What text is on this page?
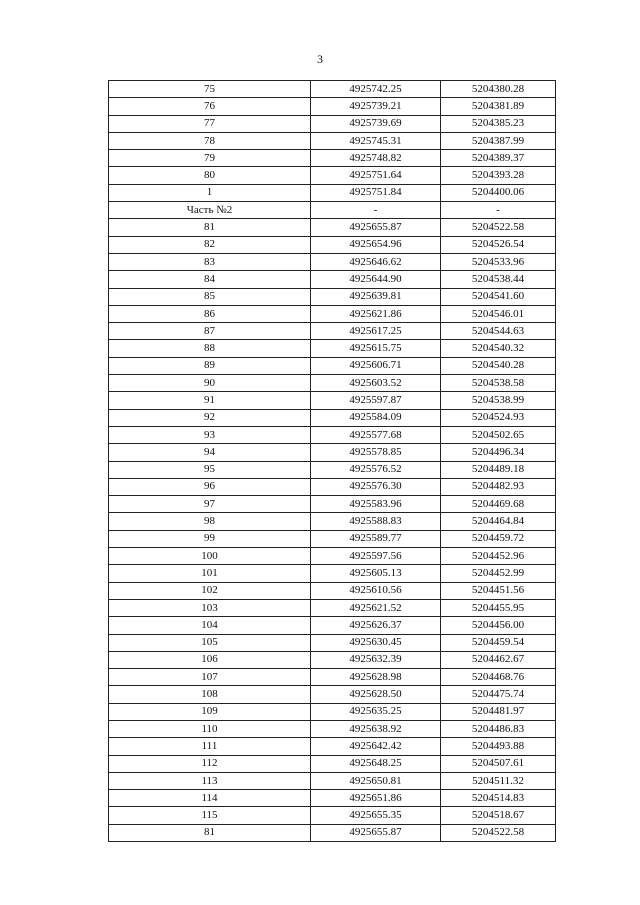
3
75	4925742.25	5204380.28
76	4925739.21	5204381.89
77	4925739.69	5204385.23
78	4925745.31	5204387.99
79	4925748.82	5204389.37
80	4925751.64	5204393.28
1	4925751.84	5204400.06
Часть №2	-	-
81	4925655.87	5204522.58
82	4925654.96	5204526.54
83	4925646.62	5204533.96
84	4925644.90	5204538.44
85	4925639.81	5204541.60
86	4925621.86	5204546.01
87	4925617.25	5204544.63
88	4925615.75	5204540.32
89	4925606.71	5204540.28
90	4925603.52	5204538.58
91	4925597.87	5204538.99
92	4925584.09	5204524.93
93	4925577.68	5204502.65
94	4925578.85	5204496.34
95	4925576.52	5204489.18
96	4925576.30	5204482.93
97	4925583.96	5204469.68
98	4925588.83	5204464.84
99	4925589.77	5204459.72
100	4925597.56	5204452.96
101	4925605.13	5204452.99
102	4925610.56	5204451.56
103	4925621.52	5204455.95
104	4925626.37	5204456.00
105	4925630.45	5204459.54
106	4925632.39	5204462.67
107	4925628.98	5204468.76
108	4925628.50	5204475.74
109	4925635.25	5204481.97
110	4925638.92	5204486.83
111	4925642.42	5204493.88
112	4925648.25	5204507.61
113	4925650.81	5204511.32
114	4925651.86	5204514.83
115	4925655.35	5204518.67
81	4925655.87	5204522.58
